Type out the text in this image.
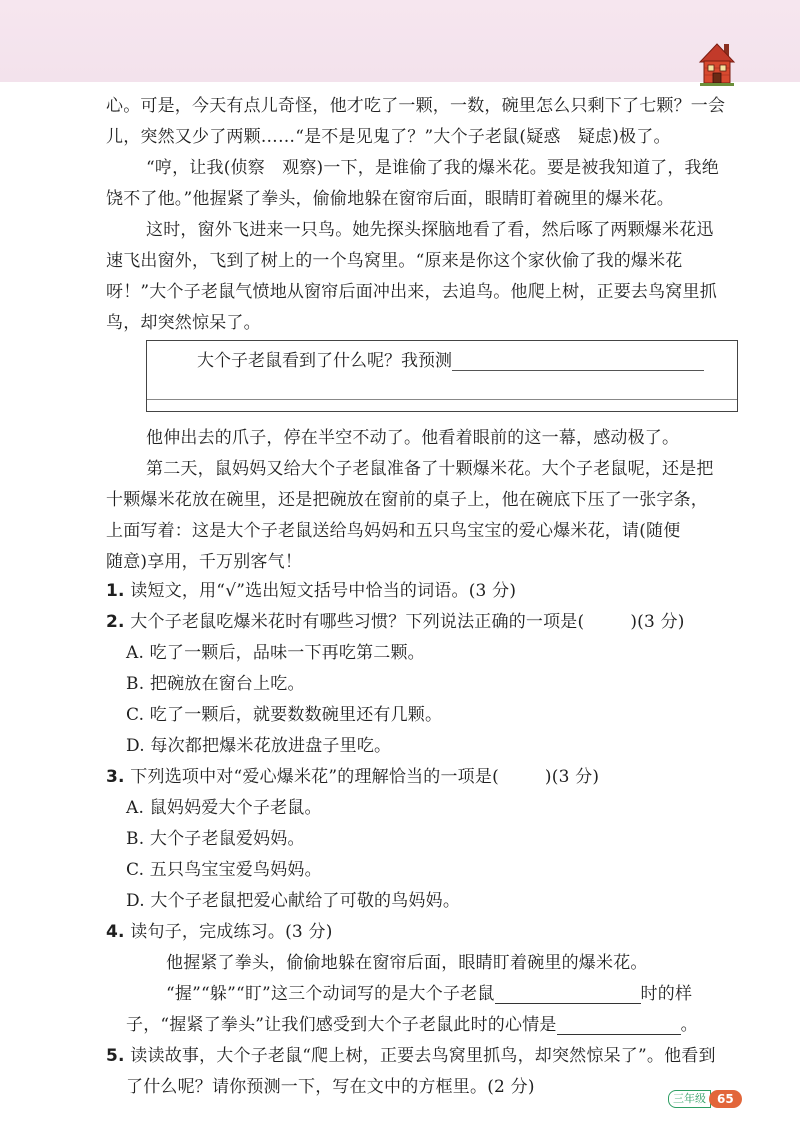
心。可是，今天有点儿奇怪，他才吃了一颗，一数，碗里怎么只剩下了七颗？一会
儿，突然又少了两颗……“是不是见鬼了？”大个子老鼠(疑惑　疑虑)极了。
“哼，让我(侦察　观察)一下，是谁偷了我的爆米花。要是被我知道了，我绝
饶不了他。”他握紧了拳头，偷偷地躲在窗帘后面，眼睛盯着碗里的爆米花。
这时，窗外飞进来一只鸟。她先探头探脑地看了看，然后啄了两颗爆米花迅
速飞出窗外，飞到了树上的一个鸟窝里。“原来是你这个家伙偷了我的爆米花
呀！”大个子老鼠气愤地从窗帘后面冲出来，去追鸟。他爬上树，正要去鸟窝里抓
鸟，却突然惊呆了。
大个子老鼠看到了什么呢？我预测
他伸出去的爪子，停在半空不动了。他看着眼前的这一幕，感动极了。
第二天，鼠妈妈又给大个子老鼠准备了十颗爆米花。大个子老鼠呢，还是把
十颗爆米花放在碗里，还是把碗放在窗前的桌子上，他在碗底下压了一张字条，
上面写着：这是大个子老鼠送给鸟妈妈和五只鸟宝宝的爱心爆米花，请(随便
随意)享用，千万别客气！
1. 读短文，用“√”选出短文括号中恰当的词语。(3 分)
2. 大个子老鼠吃爆米花时有哪些习惯？下列说法正确的一项是(	)(3 分)
A. 吃了一颗后，品味一下再吃第二颗。
B. 把碗放在窗台上吃。
C. 吃了一颗后，就要数数碗里还有几颗。
D. 每次都把爆米花放进盘子里吃。
3. 下列选项中对“爱心爆米花”的理解恰当的一项是(	)(3 分)
A. 鼠妈妈爱大个子老鼠。
B. 大个子老鼠爱妈妈。
C. 五只鸟宝宝爱鸟妈妈。
D. 大个子老鼠把爱心献给了可敬的鸟妈妈。
4. 读句子，完成练习。(3 分)
他握紧了拳头，偷偷地躲在窗帘后面，眼睛盯着碗里的爆米花。
“握”“躲”“盯”这三个动词写的是大个子老鼠	时的样
子，“握紧了拳头”让我们感受到大个子老鼠此时的心情是	。
5. 读读故事，大个子老鼠“爬上树，正要去鸟窝里抓鸟，却突然惊呆了”。他看到
了什么呢？请你预测一下，写在文中的方框里。(2 分)
三年级 65
